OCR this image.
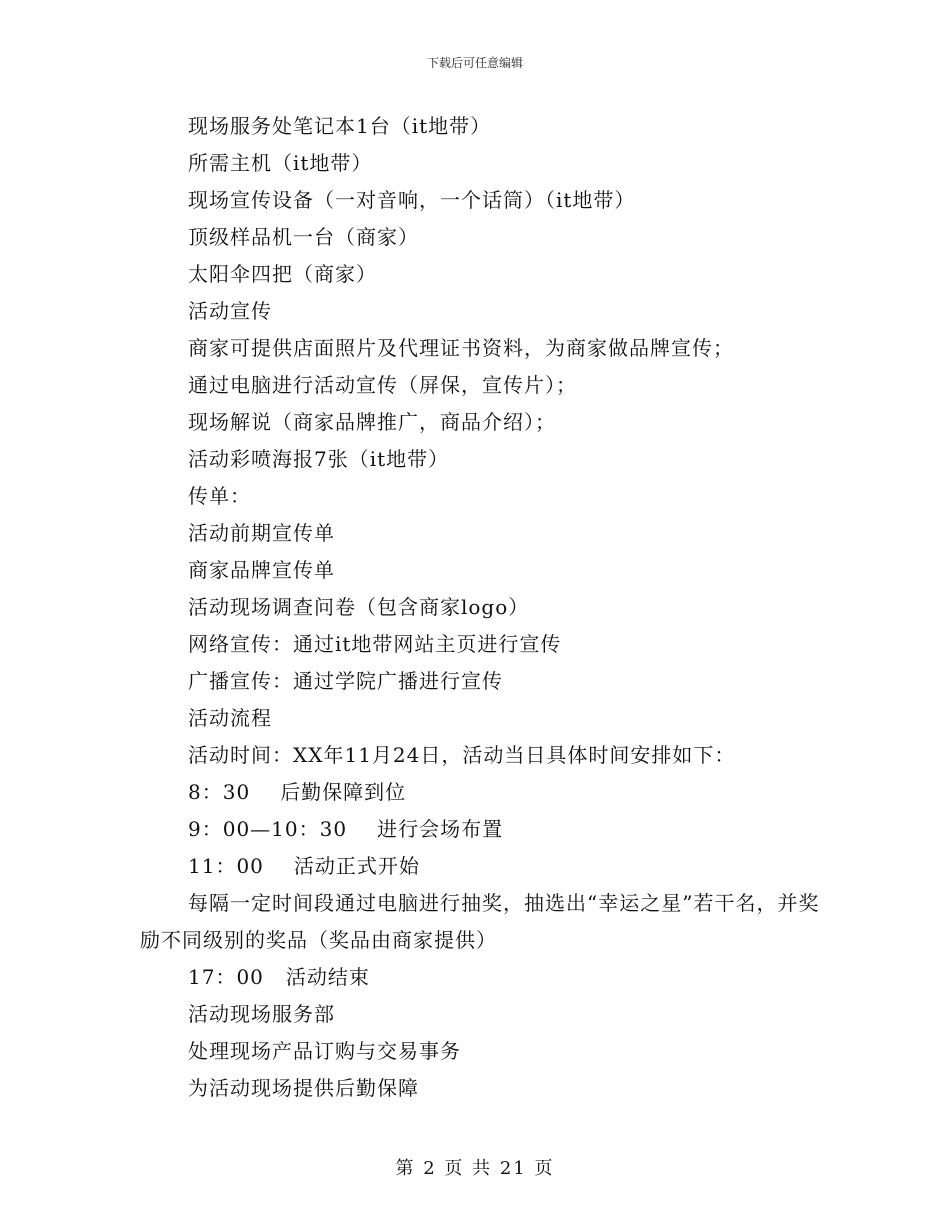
下载后可任意编辑
现场服务处笔记本1台（it地带）
所需主机（it地带）
现场宣传设备（一对音响，一个话筒）（it地带）
顶级样品机一台（商家）
太阳伞四把（商家）
活动宣传
商家可提供店面照片及代理证书资料，为商家做品牌宣传；
通过电脑进行活动宣传（屏保，宣传片）；
现场解说（商家品牌推广，商品介绍）；
活动彩喷海报7张（it地带）
传单：
活动前期宣传单
商家品牌宣传单
活动现场调查问卷（包含商家logo）
网络宣传：通过it地带网站主页进行宣传
广播宣传：通过学院广播进行宣传
活动流程
活动时间：XX年11月24日，活动当日具体时间安排如下：
8：30 后勤保障到位
9：00—10：30 进行会场布置
11：00 活动正式开始
每隔一定时间段通过电脑进行抽奖，抽选出“幸运之星”若干名，并奖励不同级别的奖品（奖品由商家提供）
17：00 活动结束
活动现场服务部
处理现场产品订购与交易事务
为活动现场提供后勤保障
第 2 页 共 21 页
